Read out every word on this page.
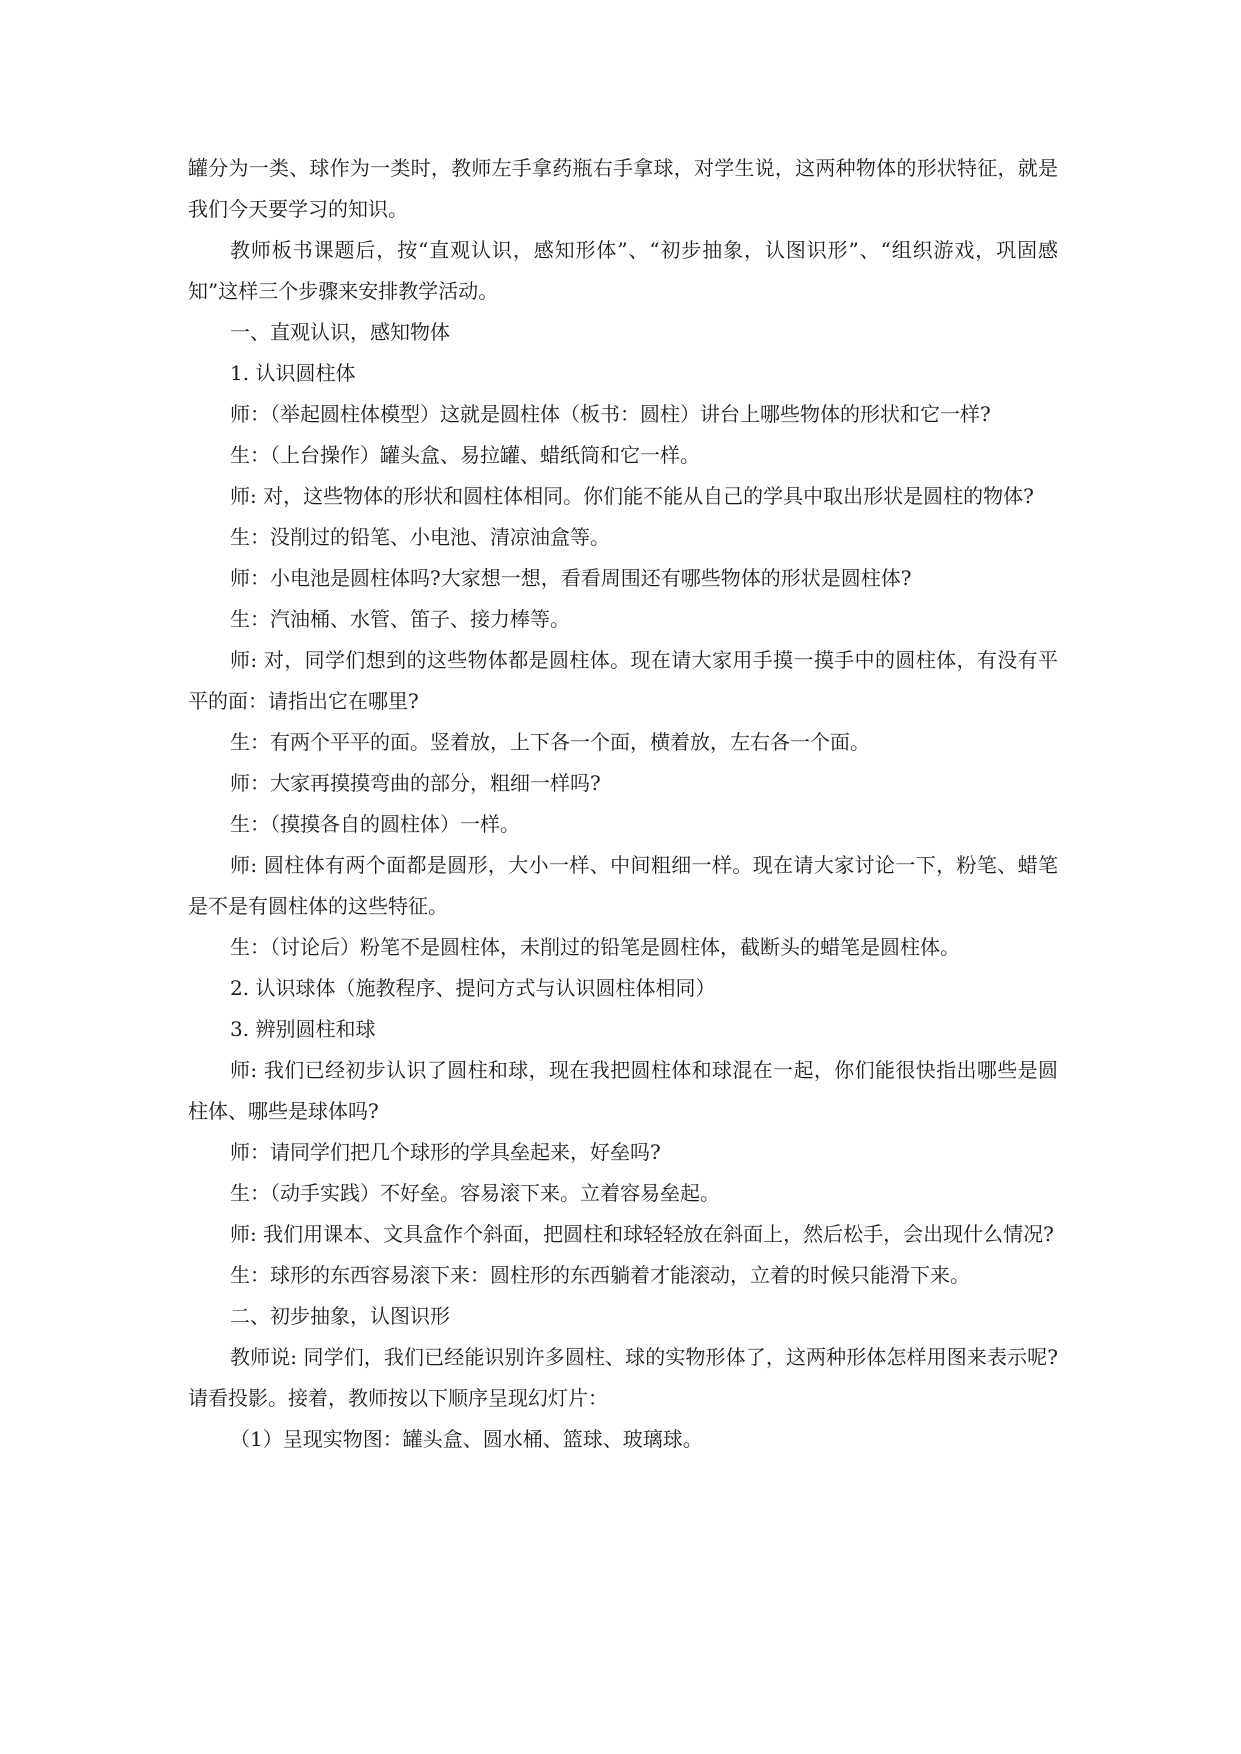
罐分为一类、球作为一类时，教师左手拿药瓶右手拿球，对学生说，这两种物体的形状特征，就是我们今天要学习的知识。

教师板书课题后，按“直观认识，感知形体”、“初步抽象，认图识形”、“组织游戏，巩固感知”这样三个步骤来安排教学活动。

一、直观认识，感知物体

1. 认识圆柱体

师：（举起圆柱体模型）这就是圆柱体（板书：圆柱）讲台上哪些物体的形状和它一样?

生：（上台操作）罐头盒、易拉罐、蜡纸筒和它一样。

师: 对，这些物体的形状和圆柱体相同。你们能不能从自己的学具中取出形状是圆柱的物体?

生：没削过的铅笔、小电池、清凉油盒等。

师：小电池是圆柱体吗?大家想一想，看看周围还有哪些物体的形状是圆柱体?

生：汽油桶、水管、笛子、接力棒等。

师: 对，同学们想到的这些物体都是圆柱体。现在请大家用手摸一摸手中的圆柱体，有没有平平的面：请指出它在哪里?

生：有两个平平的面。竖着放，上下各一个面，横着放，左右各一个面。

师：大家再摸摸弯曲的部分，粗细一样吗?

生：（摸摸各自的圆柱体）一样。

师: 圆柱体有两个面都是圆形，大小一样、中间粗细一样。现在请大家讨论一下，粉笔、蜡笔是不是有圆柱体的这些特征。

生：（讨论后）粉笔不是圆柱体，未削过的铅笔是圆柱体，截断头的蜡笔是圆柱体。

2. 认识球体（施教程序、提问方式与认识圆柱体相同）

3. 辨别圆柱和球

师: 我们已经初步认识了圆柱和球，现在我把圆柱体和球混在一起，你们能很快指出哪些是圆柱体、哪些是球体吗?

师：请同学们把几个球形的学具垒起来，好垒吗?

生：（动手实践）不好垒。容易滚下来。立着容易垒起。

师: 我们用课本、文具盒作个斜面，把圆柱和球轻轻放在斜面上，然后松手，会出现什么情况?

生：球形的东西容易滚下来：圆柱形的东西躺着才能滚动，立着的时候只能滑下来。

二、初步抽象，认图识形

教师说: 同学们，我们已经能识别许多圆柱、球的实物形体了，这两种形体怎样用图来表示呢?请看投影。接着，教师按以下顺序呈现幻灯片：

（1）呈现实物图：罐头盒、圆水桶、篮球、玻璃球。
